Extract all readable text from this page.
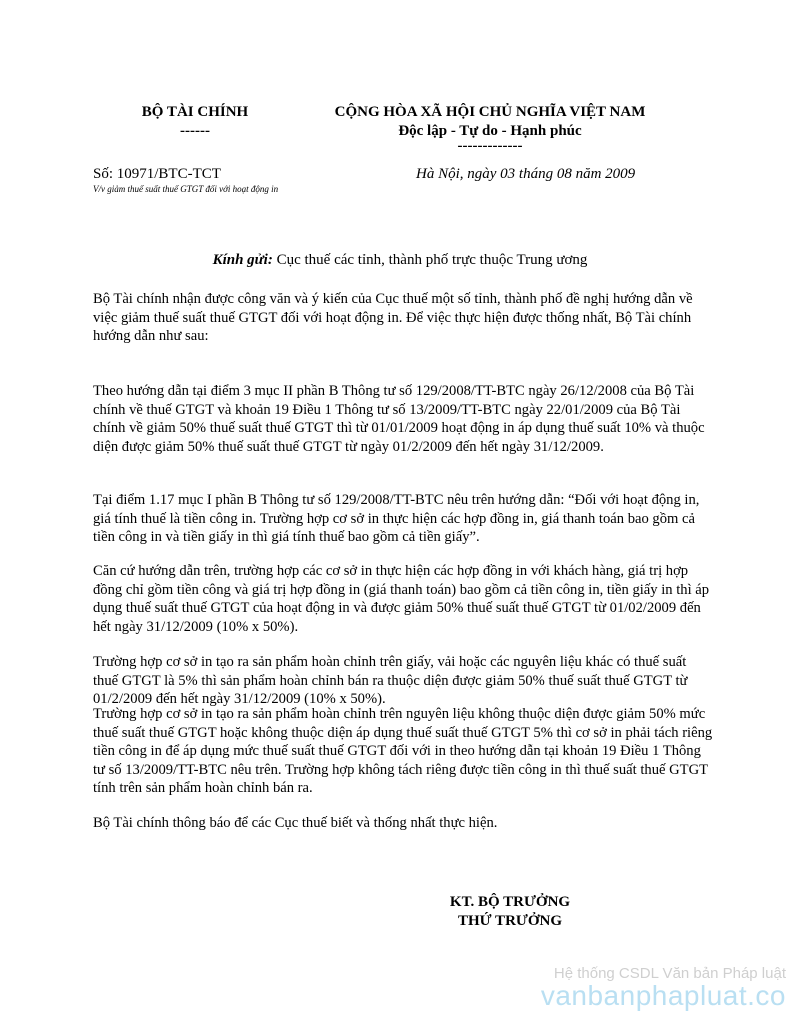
BỘ TÀI CHÍNH
------
CỘNG HÒA XÃ HỘI CHỦ NGHĨA VIỆT NAM
Độc lập - Tự do - Hạnh phúc
-------------
Số: 10971/BTC-TCT	Hà Nội, ngày 03 tháng 08 năm 2009
V/v giảm thuế suất thuế GTGT đối với hoạt động in
Kính gửi: Cục thuế các tỉnh, thành phố trực thuộc Trung ương
Bộ Tài chính nhận được công văn và ý kiến của Cục thuế một số tỉnh, thành phố đề nghị hướng dẫn về việc giảm thuế suất thuế GTGT đối với hoạt động in. Để việc thực hiện được thống nhất, Bộ Tài chính hướng dẫn như sau:
Theo hướng dẫn tại điểm 3 mục II phần B Thông tư số 129/2008/TT-BTC ngày 26/12/2008 của Bộ Tài chính về thuế GTGT và khoản 19 Điều 1 Thông tư số 13/2009/TT-BTC ngày 22/01/2009 của Bộ Tài chính về giảm 50% thuế suất thuế GTGT thì từ 01/01/2009 hoạt động in áp dụng thuế suất 10% và thuộc diện được giảm 50% thuế suất thuế GTGT từ ngày 01/2/2009 đến hết ngày 31/12/2009.
Tại điểm 1.17 mục I phần B Thông tư số 129/2008/TT-BTC nêu trên hướng dẫn: “Đối với hoạt động in, giá tính thuế là tiền công in. Trường hợp cơ sở in thực hiện các hợp đồng in, giá thanh toán bao gồm cả tiền công in và tiền giấy in thì giá tính thuế bao gồm cả tiền giấy”.
Căn cứ hướng dẫn trên, trường hợp các cơ sở in thực hiện các hợp đồng in với khách hàng, giá trị hợp đồng chỉ gồm tiền công và giá trị hợp đồng in (giá thanh toán) bao gồm cả tiền công in, tiền giấy in thì áp dụng thuế suất thuế GTGT của hoạt động in và được giảm 50% thuế suất thuế GTGT từ 01/02/2009 đến hết ngày 31/12/2009 (10% x 50%).
Trường hợp cơ sở in tạo ra sản phẩm hoàn chỉnh trên giấy, vải hoặc các nguyên liệu khác có thuế suất thuế GTGT là 5% thì sản phẩm hoàn chỉnh bán ra thuộc diện được giảm 50% thuế suất thuế GTGT từ 01/2/2009 đến hết ngày 31/12/2009 (10% x 50%).
Trường hợp cơ sở in tạo ra sản phẩm hoàn chỉnh trên nguyên liệu không thuộc diện được giảm 50% mức thuế suất thuế GTGT hoặc không thuộc diện áp dụng thuế suất thuế GTGT 5% thì cơ sở in phải tách riêng tiền công in để áp dụng mức thuế suất thuế GTGT đối với in theo hướng dẫn tại khoản 19 Điều 1 Thông tư số 13/2009/TT-BTC nêu trên. Trường hợp không tách riêng được tiền công in thì thuế suất thuế GTGT tính trên sản phẩm hoàn chỉnh bán ra.
Bộ Tài chính thông báo để các Cục thuế biết và thống nhất thực hiện.
KT. BỘ TRƯỞNG
THỨ TRƯỞNG
Hệ thống CSDL Văn bản Pháp luật
vanbanphapluat.co
